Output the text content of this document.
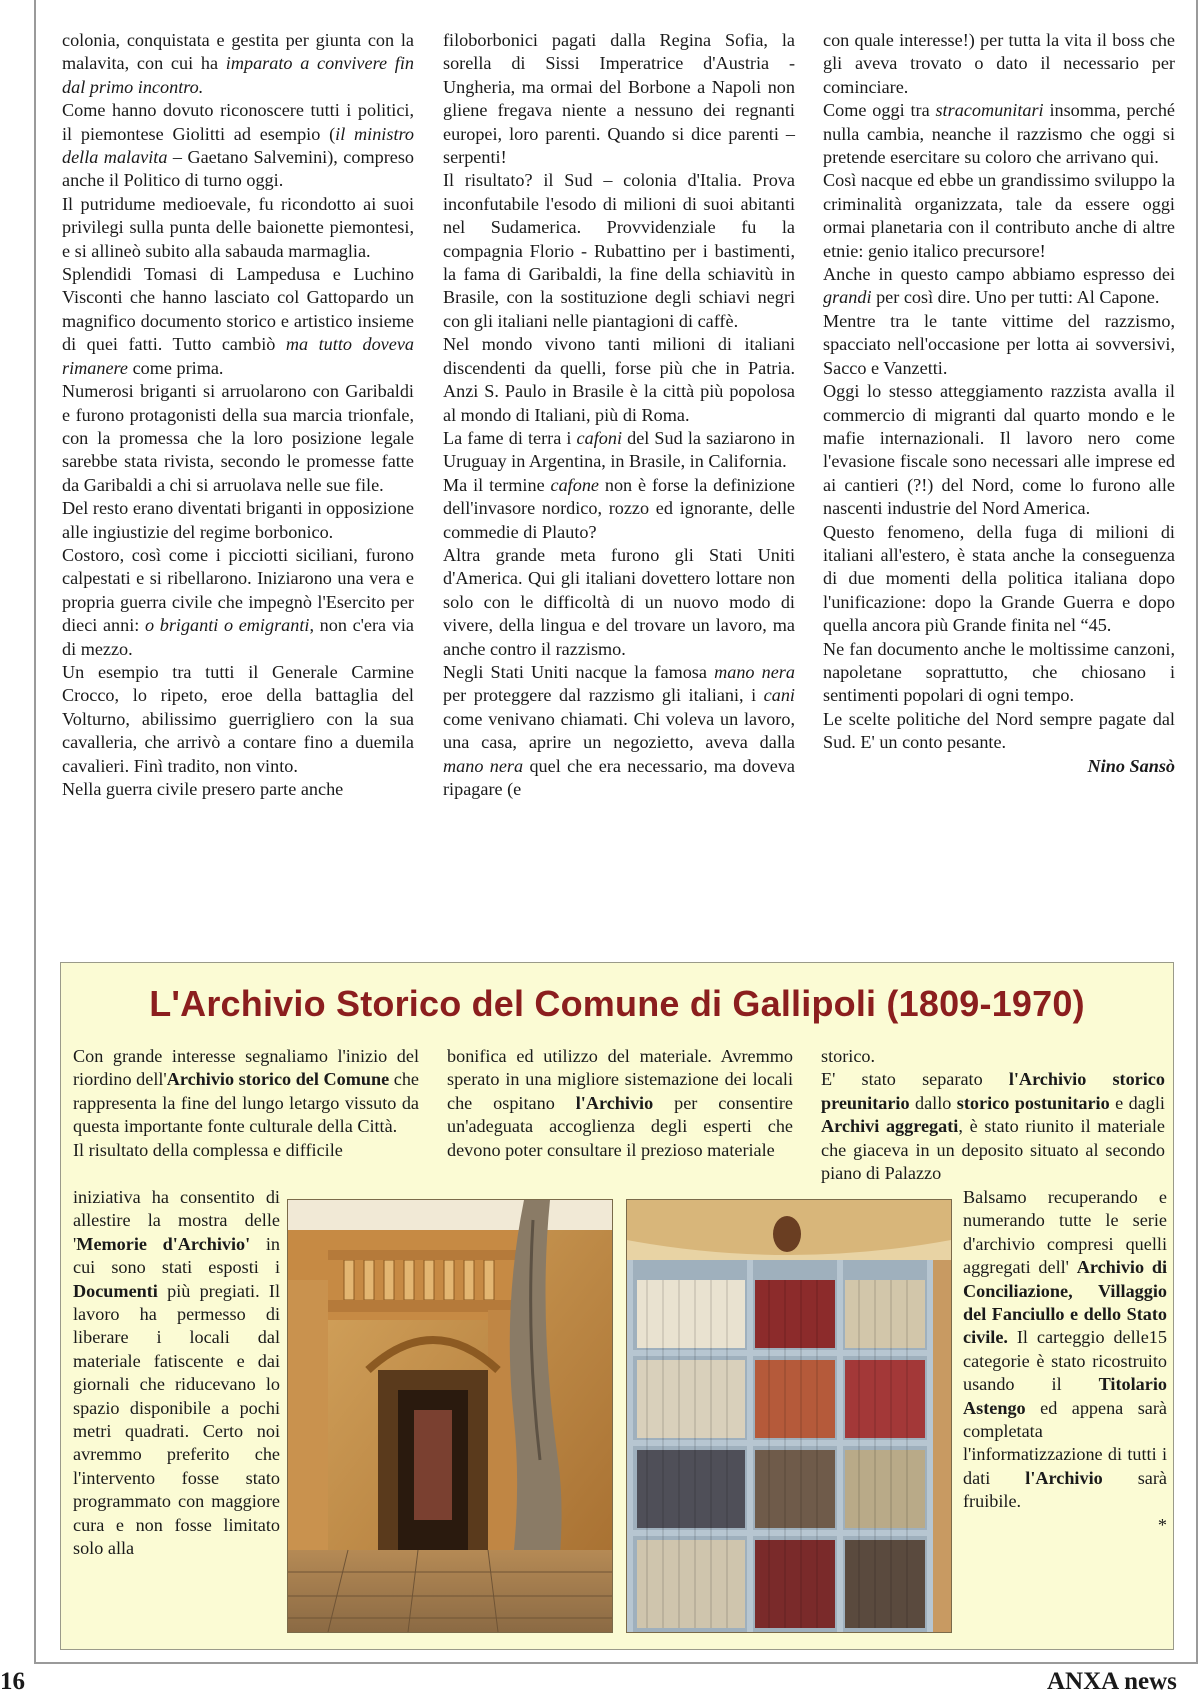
colonia, conquistata e gestita per giunta con la malavita, con cui ha imparato a convivere fin dal primo incontro.

Come hanno dovuto riconoscere tutti i politici, il piemontese Giolitti ad esempio (il ministro della malavita – Gaetano Salvemini), compreso anche il Politico di turno oggi.

Il putridume medioevale, fu ricondotto ai suoi privilegi sulla punta delle baionette piemontesi, e si allineò subito alla sabauda marmaglia.

Splendidi Tomasi di Lampedusa e Luchino Visconti che hanno lasciato col Gattopardo un magnifico documento storico e artistico insieme di quei fatti. Tutto cambiò ma tutto doveva rimanere come prima.

Numerosi briganti si arruolarono con Garibaldi e furono protagonisti della sua marcia trionfale, con la promessa che la loro posizione legale sarebbe stata rivista, secondo le promesse fatte da Garibaldi a chi si arruolava nelle sue file.

Del resto erano diventati briganti in opposizione alle ingiustizie del regime borbonico.

Costoro, così come i picciotti siciliani, furono calpestati e si ribellarono. Iniziarono una vera e propria guerra civile che impegnò l'Esercito per dieci anni: o briganti o emigranti, non c'era via di mezzo.

Un esempio tra tutti il Generale Carmine Crocco, lo ripeto, eroe della battaglia del Volturno, abilissimo guerrigliero con la sua cavalleria, che arrivò a contare fino a duemila cavalieri. Finì tradito, non vinto.

Nella guerra civile presero parte anche

filoborbonici pagati dalla Regina Sofia, la sorella di Sissi Imperatrice d'Austria - Ungheria, ma ormai del Borbone a Napoli non gliene fregava niente a nessuno dei regnanti europei, loro parenti. Quando si dice parenti – serpenti!

Il risultato? il Sud – colonia d'Italia. Prova inconfutabile l'esodo di milioni di suoi abitanti nel Sudamerica. Provvidenziale fu la compagnia Florio - Rubattino per i bastimenti, la fama di Garibaldi, la fine della schiavitù in Brasile, con la sostituzione degli schiavi negri con gli italiani nelle piantagioni di caffè.

Nel mondo vivono tanti milioni di italiani discendenti da quelli, forse più che in Patria. Anzi S. Paulo in Brasile è la città più popolosa al mondo di Italiani, più di Roma.

La fame di terra i cafoni del Sud la saziarono in Uruguay in Argentina, in Brasile, in California.

Ma il termine cafone non è forse la definizione dell'invasore nordico, rozzo ed ignorante, delle commedie di Plauto?

Altra grande meta furono gli Stati Uniti d'America. Qui gli italiani dovettero lottare non solo con le difficoltà di un nuovo modo di vivere, della lingua e del trovare un lavoro, ma anche contro il razzismo.

Negli Stati Uniti nacque la famosa mano nera per proteggere dal razzismo gli italiani, i cani come venivano chiamati. Chi voleva un lavoro, una casa, aprire un negozietto, aveva dalla mano nera quel che era necessario, ma doveva ripagare (e

con quale interesse!) per tutta la vita il boss che gli aveva trovato o dato il necessario per cominciare.

Come oggi tra stracomunitari insomma, perché nulla cambia, neanche il razzismo che oggi si pretende esercitare su coloro che arrivano qui.

Così nacque ed ebbe un grandissimo sviluppo la criminalità organizzata, tale da essere oggi ormai planetaria con il contributo anche di altre etnie: genio italico precursore!

Anche in questo campo abbiamo espresso dei grandi per così dire. Uno per tutti: Al Capone.

Mentre tra le tante vittime del razzismo, spacciato nell'occasione per lotta ai sovversivi, Sacco e Vanzetti.

Oggi lo stesso atteggiamento razzista avalla il commercio di migranti dal quarto mondo e le mafie internazionali. Il lavoro nero come l'evasione fiscale sono necessari alle imprese ed ai cantieri (?!) del Nord, come lo furono alle nascenti industrie del Nord America.

Questo fenomeno, della fuga di milioni di italiani all'estero, è stata anche la conseguenza di due momenti della politica italiana dopo l'unificazione: dopo la Grande Guerra e dopo quella ancora più Grande finita nel “45.

Ne fan documento anche le moltissime canzoni, napoletane soprattutto, che chiosano i sentimenti popolari di ogni tempo.

Le scelte politiche del Nord sempre pagate dal Sud. E' un conto pesante.

Nino Sansò

L'Archivio Storico del Comune di Gallipoli (1809-1970)

Con grande interesse segnaliamo l'inizio del riordino dell'Archivio storico del Comune che rappresenta la fine del lungo letargo vissuto da questa importante fonte culturale della Città.

Il risultato della complessa e difficile

bonifica ed utilizzo del materiale. Avremmo sperato in una migliore sistemazione dei locali che ospitano l'Archivio per consentire un'adeguata accoglienza degli esperti che devono poter consultare il prezioso materiale

storico.

E' stato separato l'Archivio storico preunitario dallo storico postunitario e dagli Archivi aggregati, è stato riunito il materiale che giaceva in un deposito situato al secondo piano di Palazzo

iniziativa ha consentito di allestire la mostra delle 'Memorie d'Archivio' in cui sono stati esposti i Documenti più pregiati. Il lavoro ha permesso di liberare i locali dal materiale fatiscente e dai giornali che riducevano lo spazio disponibile a pochi metri quadrati. Certo noi avremmo preferito che l'intervento fosse stato programmato con maggiore cura e non fosse limitato solo alla

Balsamo recuperando e numerando tutte le serie d'archivio compresi quelli aggregati dell' Archivio di Conciliazione, Villaggio del Fanciullo e dello Stato civile. Il carteggio delle15 categorie è stato ricostruito usando il Titolario Astengo ed appena sarà completata l'informatizzazione di tutti i dati l'Archivio sarà fruibile.

*

16	ANXA news
